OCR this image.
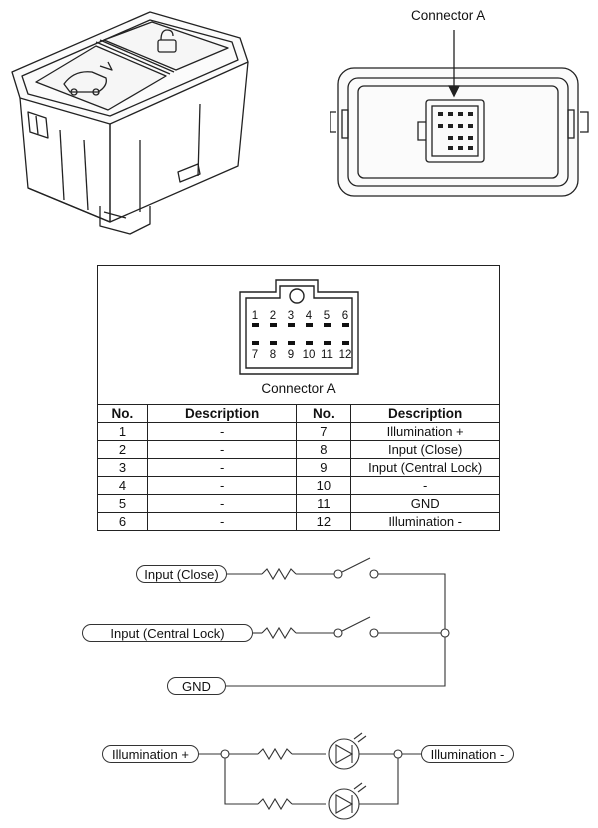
Connector A
1 2 3 4 5 6
7 8 9 10 11 12
Connector A
No.	Description	No.	Description
1	-	7	Illumination +
2	-	8	Input (Close)
3	-	9	Input (Central Lock)
4	-	10	-
5	-	11	GND
6	-	12	Illumination -
Input (Close)
Input (Central Lock)
GND
Illumination +	Illumination -
